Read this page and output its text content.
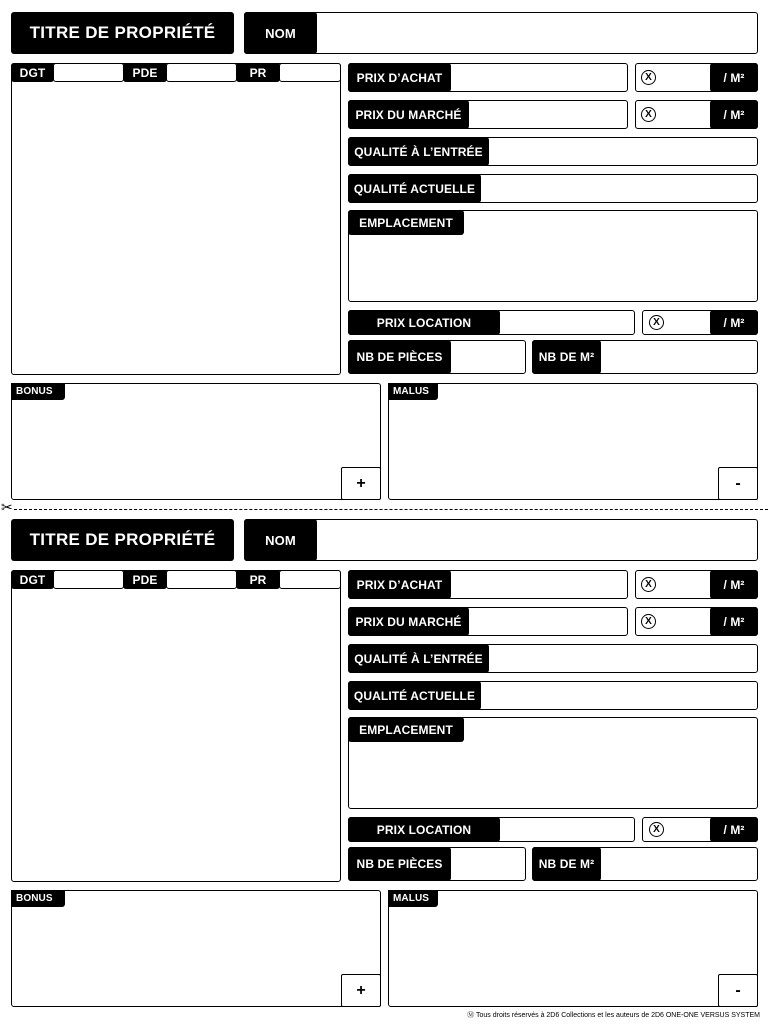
TITRE DE PROPRIÉTÉ	NOM
DGT	PDE	PR	PRIX D’ACHAT	X	/ M²
PRIX DU MARCHÉ	X	/ M²
QUALITÉ À L’ENTRÉE
QUALITÉ ACTUELLE
EMPLACEMENT
PRIX LOCATION	X	/ M²
NB DE PIÈCES	NB DE M²
BONUS
+
MALUS
-
✂
TITRE DE PROPRIÉTÉ	NOM
DGT	PDE	PR	PRIX D’ACHAT	X	/ M²
PRIX DU MARCHÉ	X	/ M²
QUALITÉ À L’ENTRÉE
QUALITÉ ACTUELLE
EMPLACEMENT
PRIX LOCATION	X	/ M²
NB DE PIÈCES	NB DE M²
BONUS
+
MALUS
-
Ⓜ Tous droits réservés à 2D6 Collections et les auteurs de 2D6 ONE-ONE VERSUS SYSTEM
